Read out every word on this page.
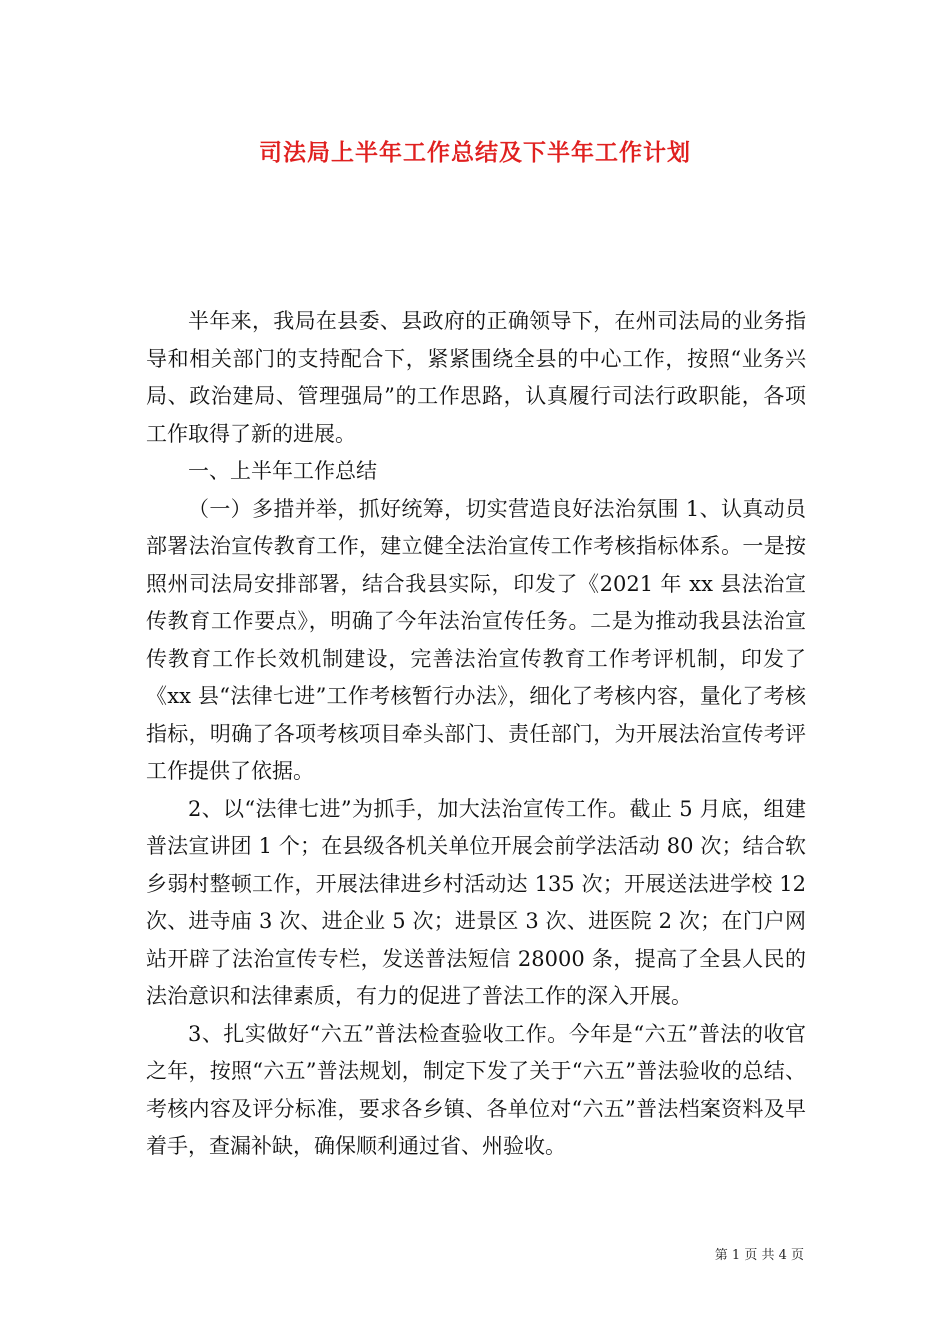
司法局上半年工作总结及下半年工作计划

半年来，我局在县委、县政府的正确领导下，在州司法局的业务指导和相关部门的支持配合下，紧紧围绕全县的中心工作，按照“业务兴局、政治建局、管理强局”的工作思路，认真履行司法行政职能，各项工作取得了新的进展。

一、上半年工作总结

（一）多措并举，抓好统筹，切实营造良好法治氛围 1、认真动员部署法治宣传教育工作，建立健全法治宣传工作考核指标体系。一是按照州司法局安排部署，结合我县实际，印发了《2021 年 xx 县法治宣传教育工作要点》，明确了今年法治宣传任务。二是为推动我县法治宣传教育工作长效机制建设，完善法治宣传教育工作考评机制，印发了《xx 县“法律七进”工作考核暂行办法》，细化了考核内容，量化了考核指标，明确了各项考核项目牵头部门、责任部门，为开展法治宣传考评工作提供了依据。

2、以“法律七进”为抓手，加大法治宣传工作。截止 5 月底，组建普法宣讲团 1 个；在县级各机关单位开展会前学法活动 80 次；结合软乡弱村整顿工作，开展法律进乡村活动达 135 次；开展送法进学校 12 次、进寺庙 3 次、进企业 5 次；进景区 3 次、进医院 2 次；在门户网站开辟了法治宣传专栏，发送普法短信 28000 条，提高了全县人民的法治意识和法律素质，有力的促进了普法工作的深入开展。

3、扎实做好“六五”普法检查验收工作。今年是“六五”普法的收官之年，按照“六五”普法规划，制定下发了关于“六五”普法验收的总结、考核内容及评分标准，要求各乡镇、各单位对“六五”普法档案资料及早着手，查漏补缺，确保顺利通过省、州验收。

第 1 页 共 4 页
